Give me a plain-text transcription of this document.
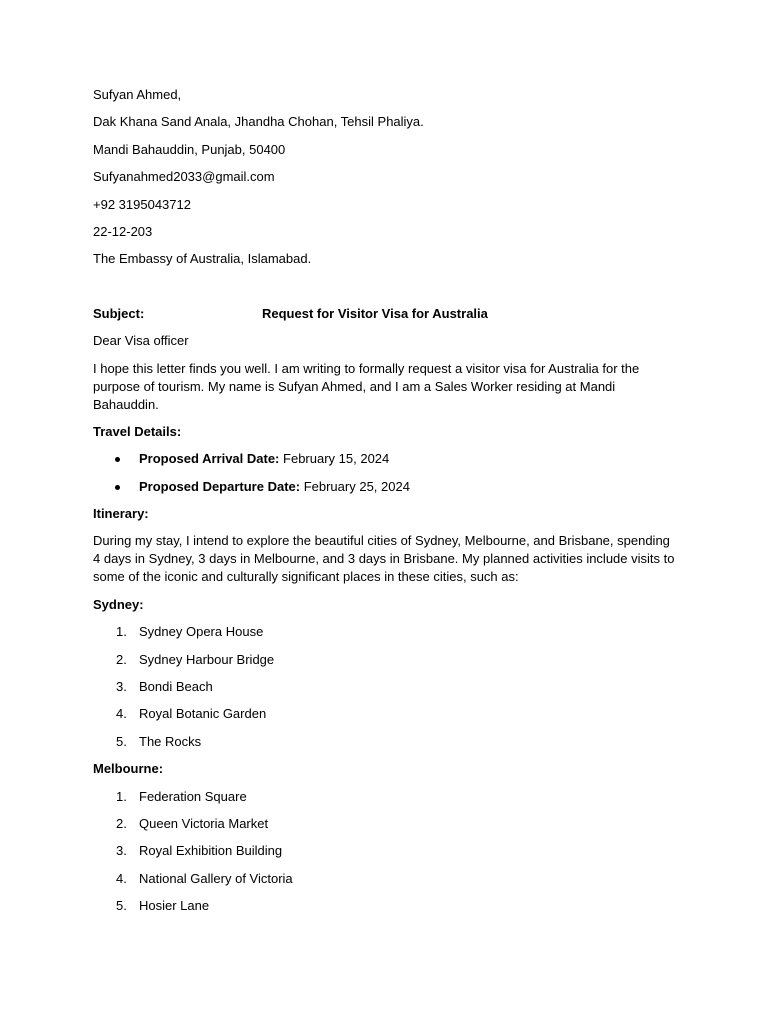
Sufyan Ahmed,

Dak Khana Sand Anala, Jhandha Chohan, Tehsil Phaliya.

Mandi Bahauddin, Punjab, 50400

Sufyanahmed2033@gmail.com

+92 3195043712

22-12-203

The Embassy of Australia, Islamabad.

Subject:	Request for Visitor Visa for Australia

Dear Visa officer

I hope this letter finds you well. I am writing to formally request a visitor visa for Australia for the purpose of tourism. My name is Sufyan Ahmed, and I am a Sales Worker residing at Mandi Bahauddin.

Travel Details:

Proposed Arrival Date: February 15, 2024
Proposed Departure Date: February 25, 2024

Itinerary:

During my stay, I intend to explore the beautiful cities of Sydney, Melbourne, and Brisbane, spending 4 days in Sydney, 3 days in Melbourne, and 3 days in Brisbane. My planned activities include visits to some of the iconic and culturally significant places in these cities, such as:

Sydney:

1. Sydney Opera House
2. Sydney Harbour Bridge
3. Bondi Beach
4. Royal Botanic Garden
5. The Rocks

Melbourne:

1. Federation Square
2. Queen Victoria Market
3. Royal Exhibition Building
4. National Gallery of Victoria
5. Hosier Lane
